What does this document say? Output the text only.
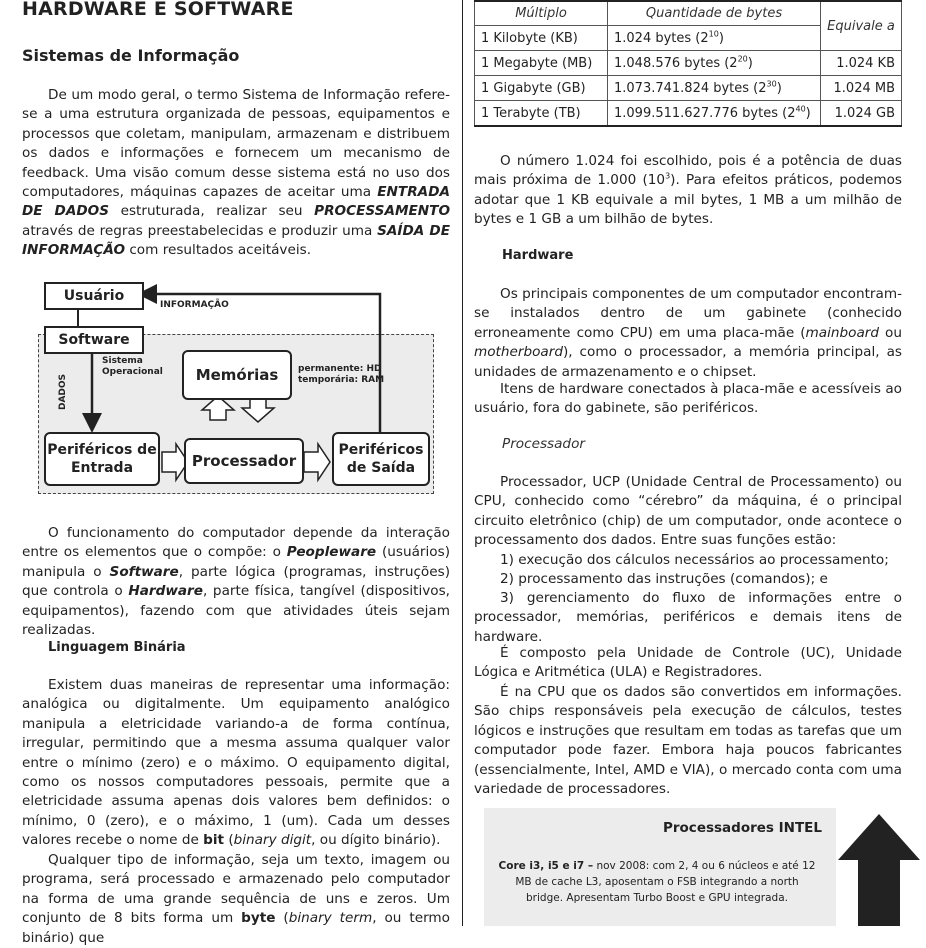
HARDWARE E SOFTWARE
Sistemas de Informação

De um modo geral, o termo Sistema de Informação refere-se a uma estrutura organizada de pessoas, equipamentos e processos que coletam, manipulam, armazenam e distribuem os dados e informações e fornecem um mecanismo de feedback. Uma visão comum desse sistema está no uso dos computadores, máquinas capazes de aceitar uma ENTRADA DE DADOS estruturada, realizar seu PROCESSAMENTO através de regras preestabelecidas e produzir uma SAÍDA DE INFORMAÇÃO com resultados aceitáveis.

Usuário
INFORMAÇÃO
Software
Sistema Operacional
DADOS	Memórias	permanente: HD
temporária: RAM
Periféricos de Entrada	Processador
Periféricos de Saída

O funcionamento do computador depende da interação entre os elementos que o compõe: o Peopleware (usuários) manipula o Software, parte lógica (programas, instruções) que controla o Hardware, parte física, tangível (dispositivos, equipamentos), fazendo com que atividades úteis sejam realizadas.

Linguagem Binária

Existem duas maneiras de representar uma informação: analógica ou digitalmente. Um equipamento analógico manipula a eletricidade variando-a de forma contínua, irregular, permitindo que a mesma assuma qualquer valor entre o mínimo (zero) e o máximo. O equipamento digital, como os nossos computadores pessoais, permite que a eletricidade assuma apenas dois valores bem definidos: o mínimo, 0 (zero), e o máximo, 1 (um). Cada um desses valores recebe o nome de bit (binary digit, ou dígito binário).

Qualquer tipo de informação, seja um texto, imagem ou programa, será processado e armazenado pelo computador na forma de uma grande sequência de uns e zeros. Um conjunto de 8 bits forma um byte (binary term, ou termo binário) que

Múltiplo	Quantidade de bytes	Equivale a
1 Kilobyte (KB)	1.024 bytes $(2^{10})$	
1 Megabyte (MB)	1.048.576 bytes $(2^{20})$	1.024 KB
1 Gigabyte (GB)	1.073.741.824 bytes $(2^{30})$	1.024 MB
1 Terabyte (TB)	1.099.511.627.776 bytes $(2^{40})$	1.024 GB

O número 1.024 foi escolhido, pois é a potência de duas mais próxima de 1.000 $(10^3)$. Para efeitos práticos, podemos adotar que 1 KB equivale a mil bytes, 1 MB a um milhão de bytes e 1 GB a um bilhão de bytes.

Hardware

Os principais componentes de um computador encontram-se instalados dentro de um gabinete (conhecido erroneamente como CPU) em uma placa-mãe (mainboard ou motherboard), como o processador, a memória principal, as unidades de armazenamento e o chipset.

Itens de hardware conectados à placa-mãe e acessíveis ao usuário, fora do gabinete, são periféricos.

Processador

Processador, UCP (Unidade Central de Processamento) ou CPU, conhecido como “cérebro” da máquina, é o principal circuito eletrônico (chip) de um computador, onde acontece o processamento dos dados. Entre suas funções estão:

1) execução dos cálculos necessários ao processamento;

2) processamento das instruções (comandos); e

3) gerenciamento do fluxo de informações entre o processador, memórias, periféricos e demais itens de hardware.

É composto pela Unidade de Controle (UC), Unidade Lógica e Aritmética (ULA) e Registradores.

É na CPU que os dados são convertidos em informações. São chips responsáveis pela execução de cálculos, testes lógicos e instruções que resultam em todas as tarefas que um computador pode fazer. Embora haja poucos fabricantes (essencialmente, Intel, AMD e VIA), o mercado conta com uma variedade de processadores.

Processadores INTEL
Core i3, i5 e i7 – nov 2008: com 2, 4 ou 6 núcleos e até 12 MB de cache L3, aposentam o FSB integrando a north bridge. Apresentam Turbo Boost e GPU integrada.
